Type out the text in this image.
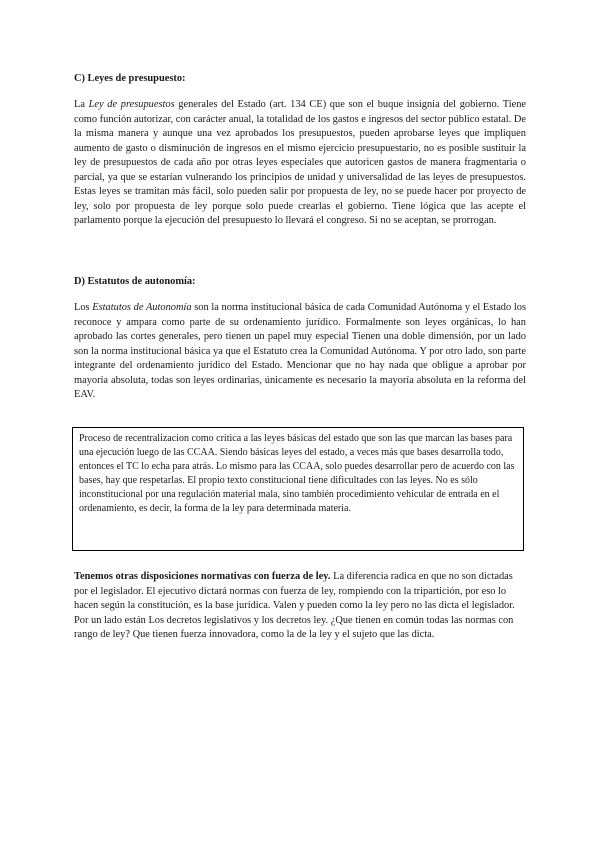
C) Leyes de presupuesto:

La Ley de presupuestos generales del Estado (art. 134 CE) que son el buque insignia del gobierno. Tiene como función autorizar, con carácter anual, la totalidad de los gastos e ingresos del sector público estatal. De la misma manera y aunque una vez aprobados los presupuestos, pueden aprobarse leyes que impliquen aumento de gasto o disminución de ingresos en el mismo ejercicio presupuestario, no es posible sustituir la ley de presupuestos de cada año por otras leyes especiales que autoricen gastos de manera fragmentaria o parcial, ya que se estarían vulnerando los principios de unidad y universalidad de las leyes de presupuestos. Estas leyes se tramitan más fácil, solo pueden salir por propuesta de ley, no se puede hacer por proyecto de ley, solo por propuesta de ley porque solo puede crearlas el gobierno. Tiene lógica que las acepte el parlamento porque la ejecución del presupuesto lo llevará el congreso. Si no se aceptan, se prorrogan.

D) Estatutos de autonomía:

Los Estatutos de Autonomía son la norma institucional básica de cada Comunidad Autónoma y el Estado los reconoce y ampara como parte de su ordenamiento jurídico. Formalmente son leyes orgánicas, lo han aprobado las cortes generales, pero tienen un papel muy especial Tienen una doble dimensión, por un lado son la norma institucional básica ya que el Estatuto crea la Comunidad Autónoma. Y por otro lado, son parte integrante del ordenamiento jurídico del Estado. Mencionar que no hay nada que obligue a aprobar por mayoría absoluta, todas son leyes ordinarias, únicamente es necesario la mayoría absoluta en la reforma del EAV.

Proceso de recentralizacion como critica a las leyes básicas del estado que son las que marcan las bases para una ejecución luego de las CCAA. Siendo básicas leyes del estado, a veces más que bases desarrolla todo, entonces el TC lo echa para atrás. Lo mismo para las CCAA, solo puedes desarrollar pero de acuerdo con las bases, hay que respetarlas. El propio texto constitucional tiene dificultades con las leyes. No es sólo inconstitucional por una regulación material mala, sino también procedimiento vehicular de entrada en el ordenamiento, es decir, la forma de la ley para determinada materia.

Tenemos otras disposiciones normativas con fuerza de ley. La diferencia radica en que no son dictadas por el legislador. El ejecutivo dictará normas con fuerza de ley, rompiendo con la tripartición, por eso lo hacen según la constitución, es la base jurídica. Valen y pueden como la ley pero no las dicta el legislador. Por un lado están Los decretos legislativos y los decretos ley. ¿Que tienen en común todas las normas con rango de ley? Que tienen fuerza innovadora, como la de la ley y el sujeto que las dicta.
